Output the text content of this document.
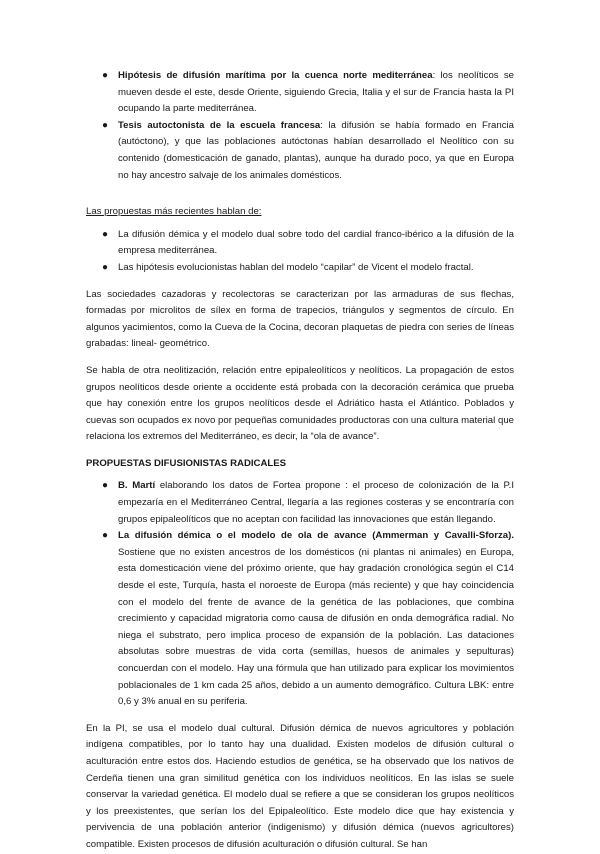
● Hipótesis de difusión marítima por la cuenca norte mediterránea: los neolíticos se mueven desde el este, desde Oriente, siguiendo Grecia, Italia y el sur de Francia hasta la PI ocupando la parte mediterránea.
● Tesis autoctonista de la escuela francesa: la difusión se había formado en Francia (autóctono), y que las poblaciones autóctonas habían desarrollado el Neolítico con su contenido (domesticación de ganado, plantas), aunque ha durado poco, ya que en Europa no hay ancestro salvaje de los animales domésticos.

Las propuestas más recientes hablan de:

● La difusión démica y el modelo dual sobre todo del cardial franco-ibérico a la difusión de la empresa mediterránea.
● Las hipótesis evolucionistas hablan del modelo “capilar” de Vicent el modelo fractal.

Las sociedades cazadoras y recolectoras se caracterizan por las armaduras de sus flechas, formadas por microlitos de sílex en forma de trapecios, triángulos y segmentos de círculo. En algunos yacimientos, como la Cueva de la Cocina, decoran plaquetas de piedra con series de líneas grabadas: lineal- geométrico.

Se habla de otra neolitización, relación entre epipaleolíticos y neolíticos. La propagación de estos grupos neolíticos desde oriente a occidente está probada con la decoración cerámica que prueba que hay conexión entre los grupos neolíticos desde el Adriático hasta el Atlántico. Poblados y cuevas son ocupados ex novo por pequeñas comunidades productoras con una cultura material que relaciona los extremos del Mediterráneo, es decir, la “ola de avance”.

PROPUESTAS DIFUSIONISTAS RADICALES

● B. Martí elaborando los datos de Fortea propone : el proceso de colonización de la P.I empezaría en el Mediterráneo Central, llegaría a las regiones costeras y se encontraría con grupos epipaleolíticos que no aceptan con facilidad las innovaciones que están llegando.
● La difusión démica o el modelo de ola de avance (Ammerman y Cavalli-Sforza). Sostiene que no existen ancestros de los domésticos (ni plantas ni animales) en Europa, esta domesticación viene del próximo oriente, que hay gradación cronológica según el C14 desde el este, Turquía, hasta el noroeste de Europa (más reciente) y que hay coincidencia con el modelo del frente de avance de la genética de las poblaciones, que combina crecimiento y capacidad migratoria como causa de difusión en onda demográfica radial. No niega el substrato, pero implica proceso de expansión de la población. Las dataciones absolutas sobre muestras de vida corta (semillas, huesos de animales y sepulturas) concuerdan con el modelo. Hay una fórmula que han utilizado para explicar los movimientos poblacionales de 1 km cada 25 años, debido a un aumento demográfico. Cultura LBK: entre 0,6 y 3% anual en su periferia.

En la PI, se usa el modelo dual cultural. Difusión démica de nuevos agricultores y población indígena compatibles, por lo tanto hay una dualidad. Existen modelos de difusión cultural o aculturación entre estos dos. Haciendo estudios de genética, se ha observado que los nativos de Cerdeña tienen una gran similitud genética con los individuos neolíticos. En las islas se suele conservar la variedad genética. El modelo dual se refiere a que se consideran los grupos neolíticos y los preexistentes, que serían los del Epipaleolítico. Este modelo dice que hay existencia y pervivencia de una población anterior (indigenismo) y difusión démica (nuevos agricultores) compatible. Existen procesos de difusión aculturación o difusión cultural. Se han
